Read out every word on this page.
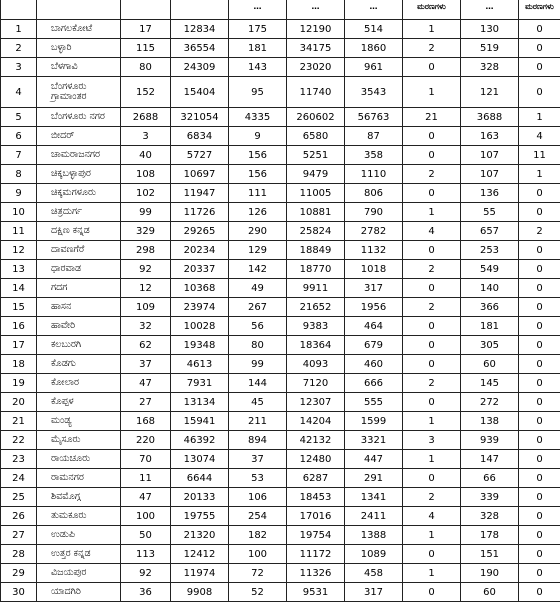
				…	…	…	ಮರಣಗಳು	…	ಮರಣಗಳು
1	ಬಾಗಲಕೋಟೆ	17	12834	175	12190	514	1	130	0
2	ಬಳ್ಳಾರಿ	115	36554	181	34175	1860	2	519	0
3	ಬೆಳಗಾವಿ	80	24309	143	23020	961	0	328	0
4	ಬೆಂಗಳೂರು ಗ್ರಾಮಾಂತರ	152	15404	95	11740	3543	1	121	0
5	ಬೆಂಗಳೂರು ನಗರ	2688	321054	4335	260602	56763	21	3688	1
6	ಬೀದರ್	3	6834	9	6580	87	0	163	4
7	ಚಾಮರಾಜನಗರ	40	5727	156	5251	358	0	107	11
8	ಚಿಕ್ಕಬಳ್ಳಾಪುರ	108	10697	156	9479	1110	2	107	1
9	ಚಿಕ್ಕಮಗಳೂರು	102	11947	111	11005	806	0	136	0
10	ಚಿತ್ರದುರ್ಗ	99	11726	126	10881	790	1	55	0
11	ದಕ್ಷಿಣ ಕನ್ನಡ	329	29265	290	25824	2782	4	657	2
12	ದಾವಣಗೆರೆ	298	20234	129	18849	1132	0	253	0
13	ಧಾರವಾಡ	92	20337	142	18770	1018	2	549	0
14	ಗದಗ	12	10368	49	9911	317	0	140	0
15	ಹಾಸನ	109	23974	267	21652	1956	2	366	0
16	ಹಾವೇರಿ	32	10028	56	9383	464	0	181	0
17	ಕಲಬುರಗಿ	62	19348	80	18364	679	0	305	0
18	ಕೊಡಗು	37	4613	99	4093	460	0	60	0
19	ಕೋಲಾರ	47	7931	144	7120	666	2	145	0
20	ಕೊಪ್ಪಳ	27	13134	45	12307	555	0	272	0
21	ಮಂಡ್ಯ	168	15941	211	14204	1599	1	138	0
22	ಮೈಸೂರು	220	46392	894	42132	3321	3	939	0
23	ರಾಯಚೂರು	70	13074	37	12480	447	1	147	0
24	ರಾಮನಗರ	11	6644	53	6287	291	0	66	0
25	ಶಿವಮೊಗ್ಗ	47	20133	106	18453	1341	2	339	0
26	ತುಮಕೂರು	100	19755	254	17016	2411	4	328	0
27	ಉಡುಪಿ	50	21320	182	19754	1388	1	178	0
28	ಉತ್ತರ ಕನ್ನಡ	113	12412	100	11172	1089	0	151	0
29	ವಿಜಯಪುರ	92	11974	72	11326	458	1	190	0
30	ಯಾದಗಿರಿ	36	9908	52	9531	317	0	60	0
